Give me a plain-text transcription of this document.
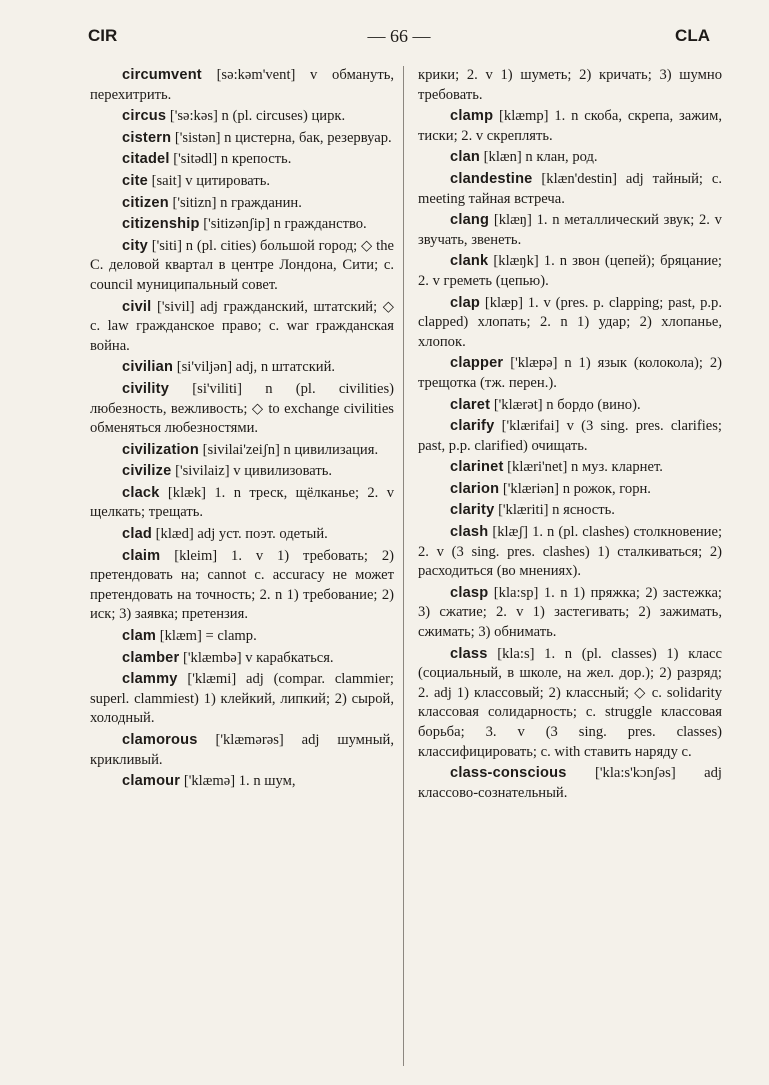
CIR	— 66 —	CLA

circumvent [sə:kəm'vent] v обмануть, перехитрить.

circus ['sə:kəs] n (pl. circuses) цирк.

cistern ['sistən] n цистерна, бак, резервуар.

citadel ['sitədl] n крепость.

cite [sait] v цитировать.

citizen ['sitizn] n гражданин.

citizenship ['sitizənʃip] n гражданство.

city ['siti] n (pl. cities) большой город; ◇ the C. деловой квартал в центре Лондона, Сити; c. council муниципальный совет.

civil ['sivil] adj гражданский, штатский; ◇ c. law гражданское право; c. war гражданская война.

civilian [si'viljən] adj, n штатский.

civility [si'viliti] n (pl. civilities) любезность, вежливость; ◇ to exchange civilities обменяться любезностями.

civilization [sivilai'zeiʃn] n цивилизация.

civilize ['sivilaiz] v цивилизовать.

clack [klæk] 1. n треск, щёлканье; 2. v щелкать; трещать.

clad [klæd] adj уст. поэт. одетый.

claim [kleim] 1. v 1) требовать; 2) претендовать на; cannot c. accuracy не может претендовать на точность; 2. n 1) требование; 2) иск; 3) заявка; претензия.

clam [klæm] = clamp.

clamber ['klæmbə] v карабкаться.

clammy ['klæmi] adj (compar. clammier; superl. clammiest) 1) клейкий, липкий; 2) сырой, холодный.

clamorous ['klæmərəs] adj шумный, крикливый.

clamour ['klæmə] 1. n шум,

крики; 2. v 1) шуметь; 2) кричать; 3) шумно требовать.

clamp [klæmp] 1. n скоба, скрепа, зажим, тиски; 2. v скреплять.

clan [klæn] n клан, род.

clandestine [klæn'destin] adj тайный; c. meeting тайная встреча.

clang [klæŋ] 1. n металлический звук; 2. v звучать, звенеть.

clank [klæŋk] 1. n звон (цепей); бряцание; 2. v греметь (цепью).

clap [klæp] 1. v (pres. p. clapping; past, p.p. clapped) хлопать; 2. n 1) удар; 2) хлопанье, хлопок.

clapper ['klæpə] n 1) язык (колокола); 2) трещотка (тж. перен.).

claret ['klærət] n бордо (вино).

clarify ['klærifai] v (3 sing. pres. clarifies; past, p.p. clarified) очищать.

clarinet [klæri'net] n муз. кларнет.

clarion ['klæriən] n рожок, горн.

clarity ['klæriti] n ясность.

clash [klæʃ] 1. n (pl. clashes) столкновение; 2. v (3 sing. pres. clashes) 1) сталкиваться; 2) расходиться (во мнениях).

clasp [kla:sp] 1. n 1) пряжка; 2) застежка; 3) сжатие; 2. v 1) застегивать; 2) зажимать, сжимать; 3) обнимать.

class [kla:s] 1. n (pl. classes) 1) класс (социальный, в школе, на жел. дор.); 2) разряд; 2. adj 1) классовый; 2) классный; ◇ c. solidarity классовая солидарность; c. struggle классовая борьба; 3. v (3 sing. pres. classes) классифицировать; c. with ставить наряду с.

class-conscious ['kla:s'kɔnʃəs] adj классово-сознательный.
